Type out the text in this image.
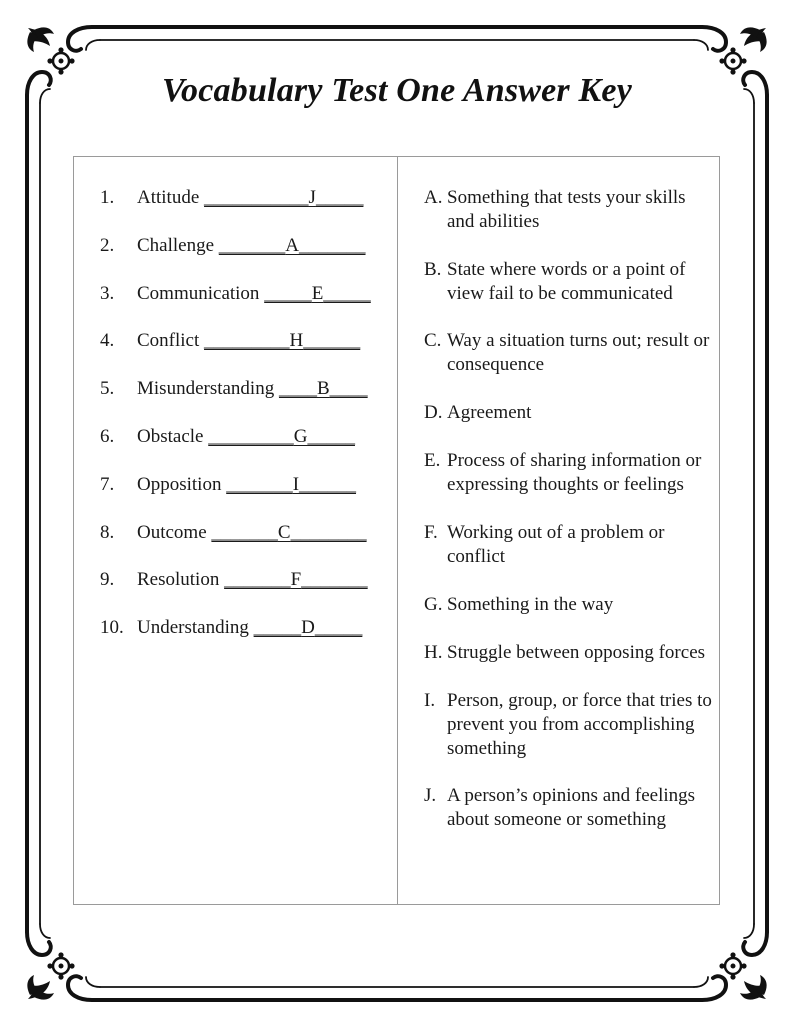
Vocabulary Test One Answer Key
1. Attitude ___________J_____
2. Challenge _______A_______
3. Communication _____E_____
4. Conflict _________H______
5. Misunderstanding ____B____
6. Obstacle _________G_____
7. Opposition _______I______
8. Outcome _______C________
9. Resolution _______F_______
10. Understanding _____D_____
A. Something that tests your skills and abilities
B. State where words or a point of view fail to be communicated
C. Way a situation turns out; result or consequence
D. Agreement
E. Process of sharing information or expressing thoughts or feelings
F. Working out of a problem or conflict
G. Something in the way
H. Struggle between opposing forces
I. Person, group, or force that tries to prevent you from accomplishing something
J. A person’s opinions and feelings about someone or something
